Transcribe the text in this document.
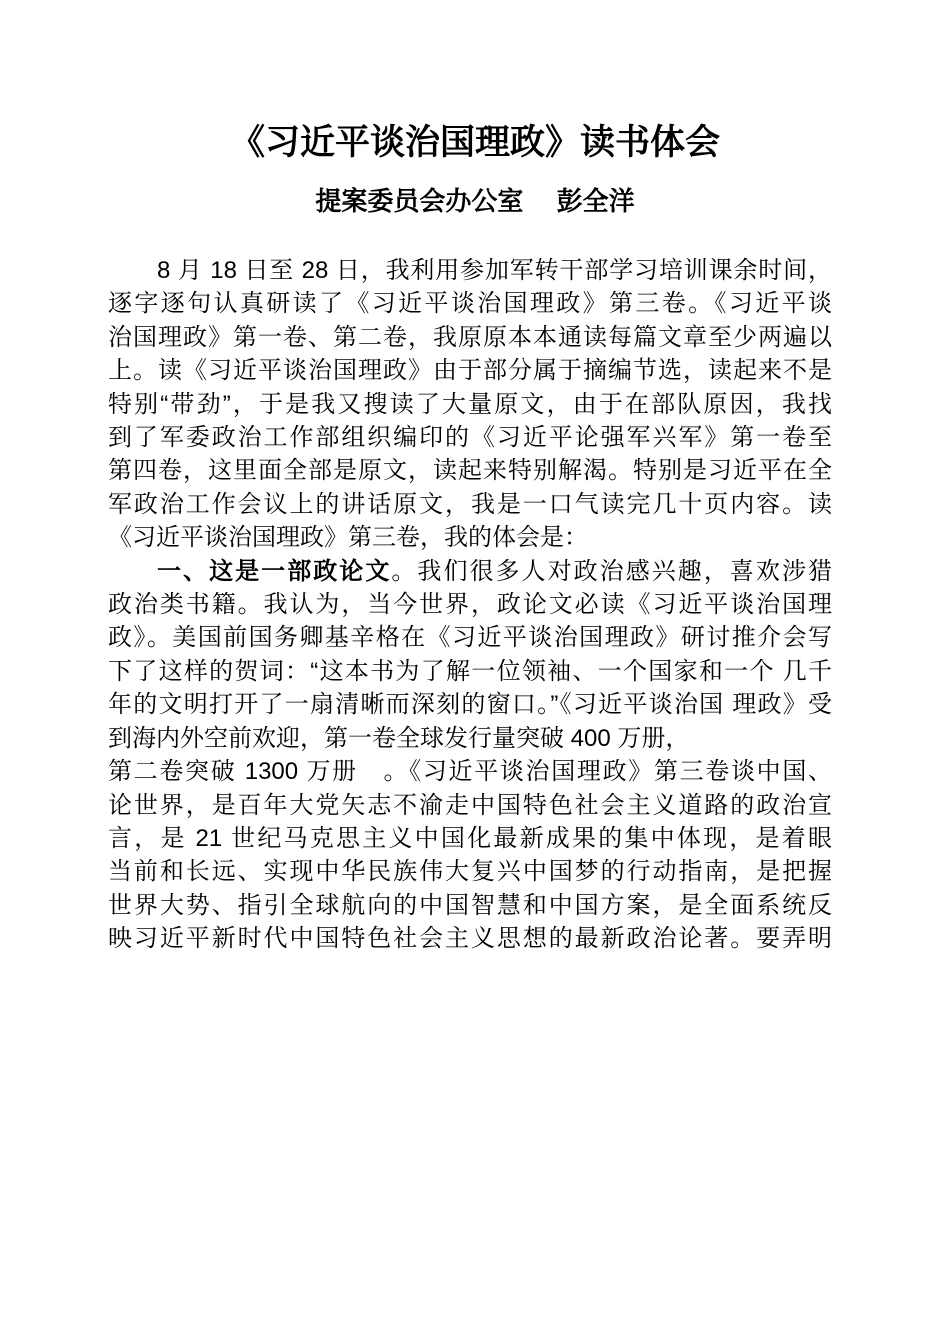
《习近平谈治国理政》读书体会
提案委员会办公室　 彭全洋
8 月 18 日至 28 日，我利用参加军转干部学习培训课余时间，
逐字逐句认真研读了《习近平谈治国理政》第三卷。《习近平谈
治国理政》第一卷、第二卷，我原原本本通读每篇文章至少两遍以
上。读《习近平谈治国理政》由于部分属于摘编节选，读起来不是
特别“带劲”，于是我又搜读了大量原文，由于在部队原因，我找
到了军委政治工作部组织编印的《习近平论强军兴军》第一卷至
第四卷，这里面全部是原文，读起来特别解渴。特别是习近平在全
军政治工作会议上的讲话原文，我是一口气读完几十页内容。读
《习近平谈治国理政》第三卷，我的体会是：
一、这是一部政论文。我们很多人对政治感兴趣，喜欢涉猎
政治类书籍。我认为，当今世界，政论文必读《习近平谈治国理
政》。美国前国务卿基辛格在《习近平谈治国理政》研讨推介会写
下了这样的贺词：“这本书为了解一位领袖、一个国家和一个 几千
年的文明打开了一扇清晰而深刻的窗口。”《习近平谈治国 理政》受
到海内外空前欢迎，第一卷全球发行量突破 400 万册，
第二卷突破 1300 万册　。《习近平谈治国理政》第三卷谈中国、
论世界，是百年大党矢志不渝走中国特色社会主义道路的政治宣
言，是 21 世纪马克思主义中国化最新成果的集中体现，是着眼
当前和长远、实现中华民族伟大复兴中国梦的行动指南，是把握
世界大势、指引全球航向的中国智慧和中国方案，是全面系统反
映习近平新时代中国特色社会主义思想的最新政治论著。要弄明
